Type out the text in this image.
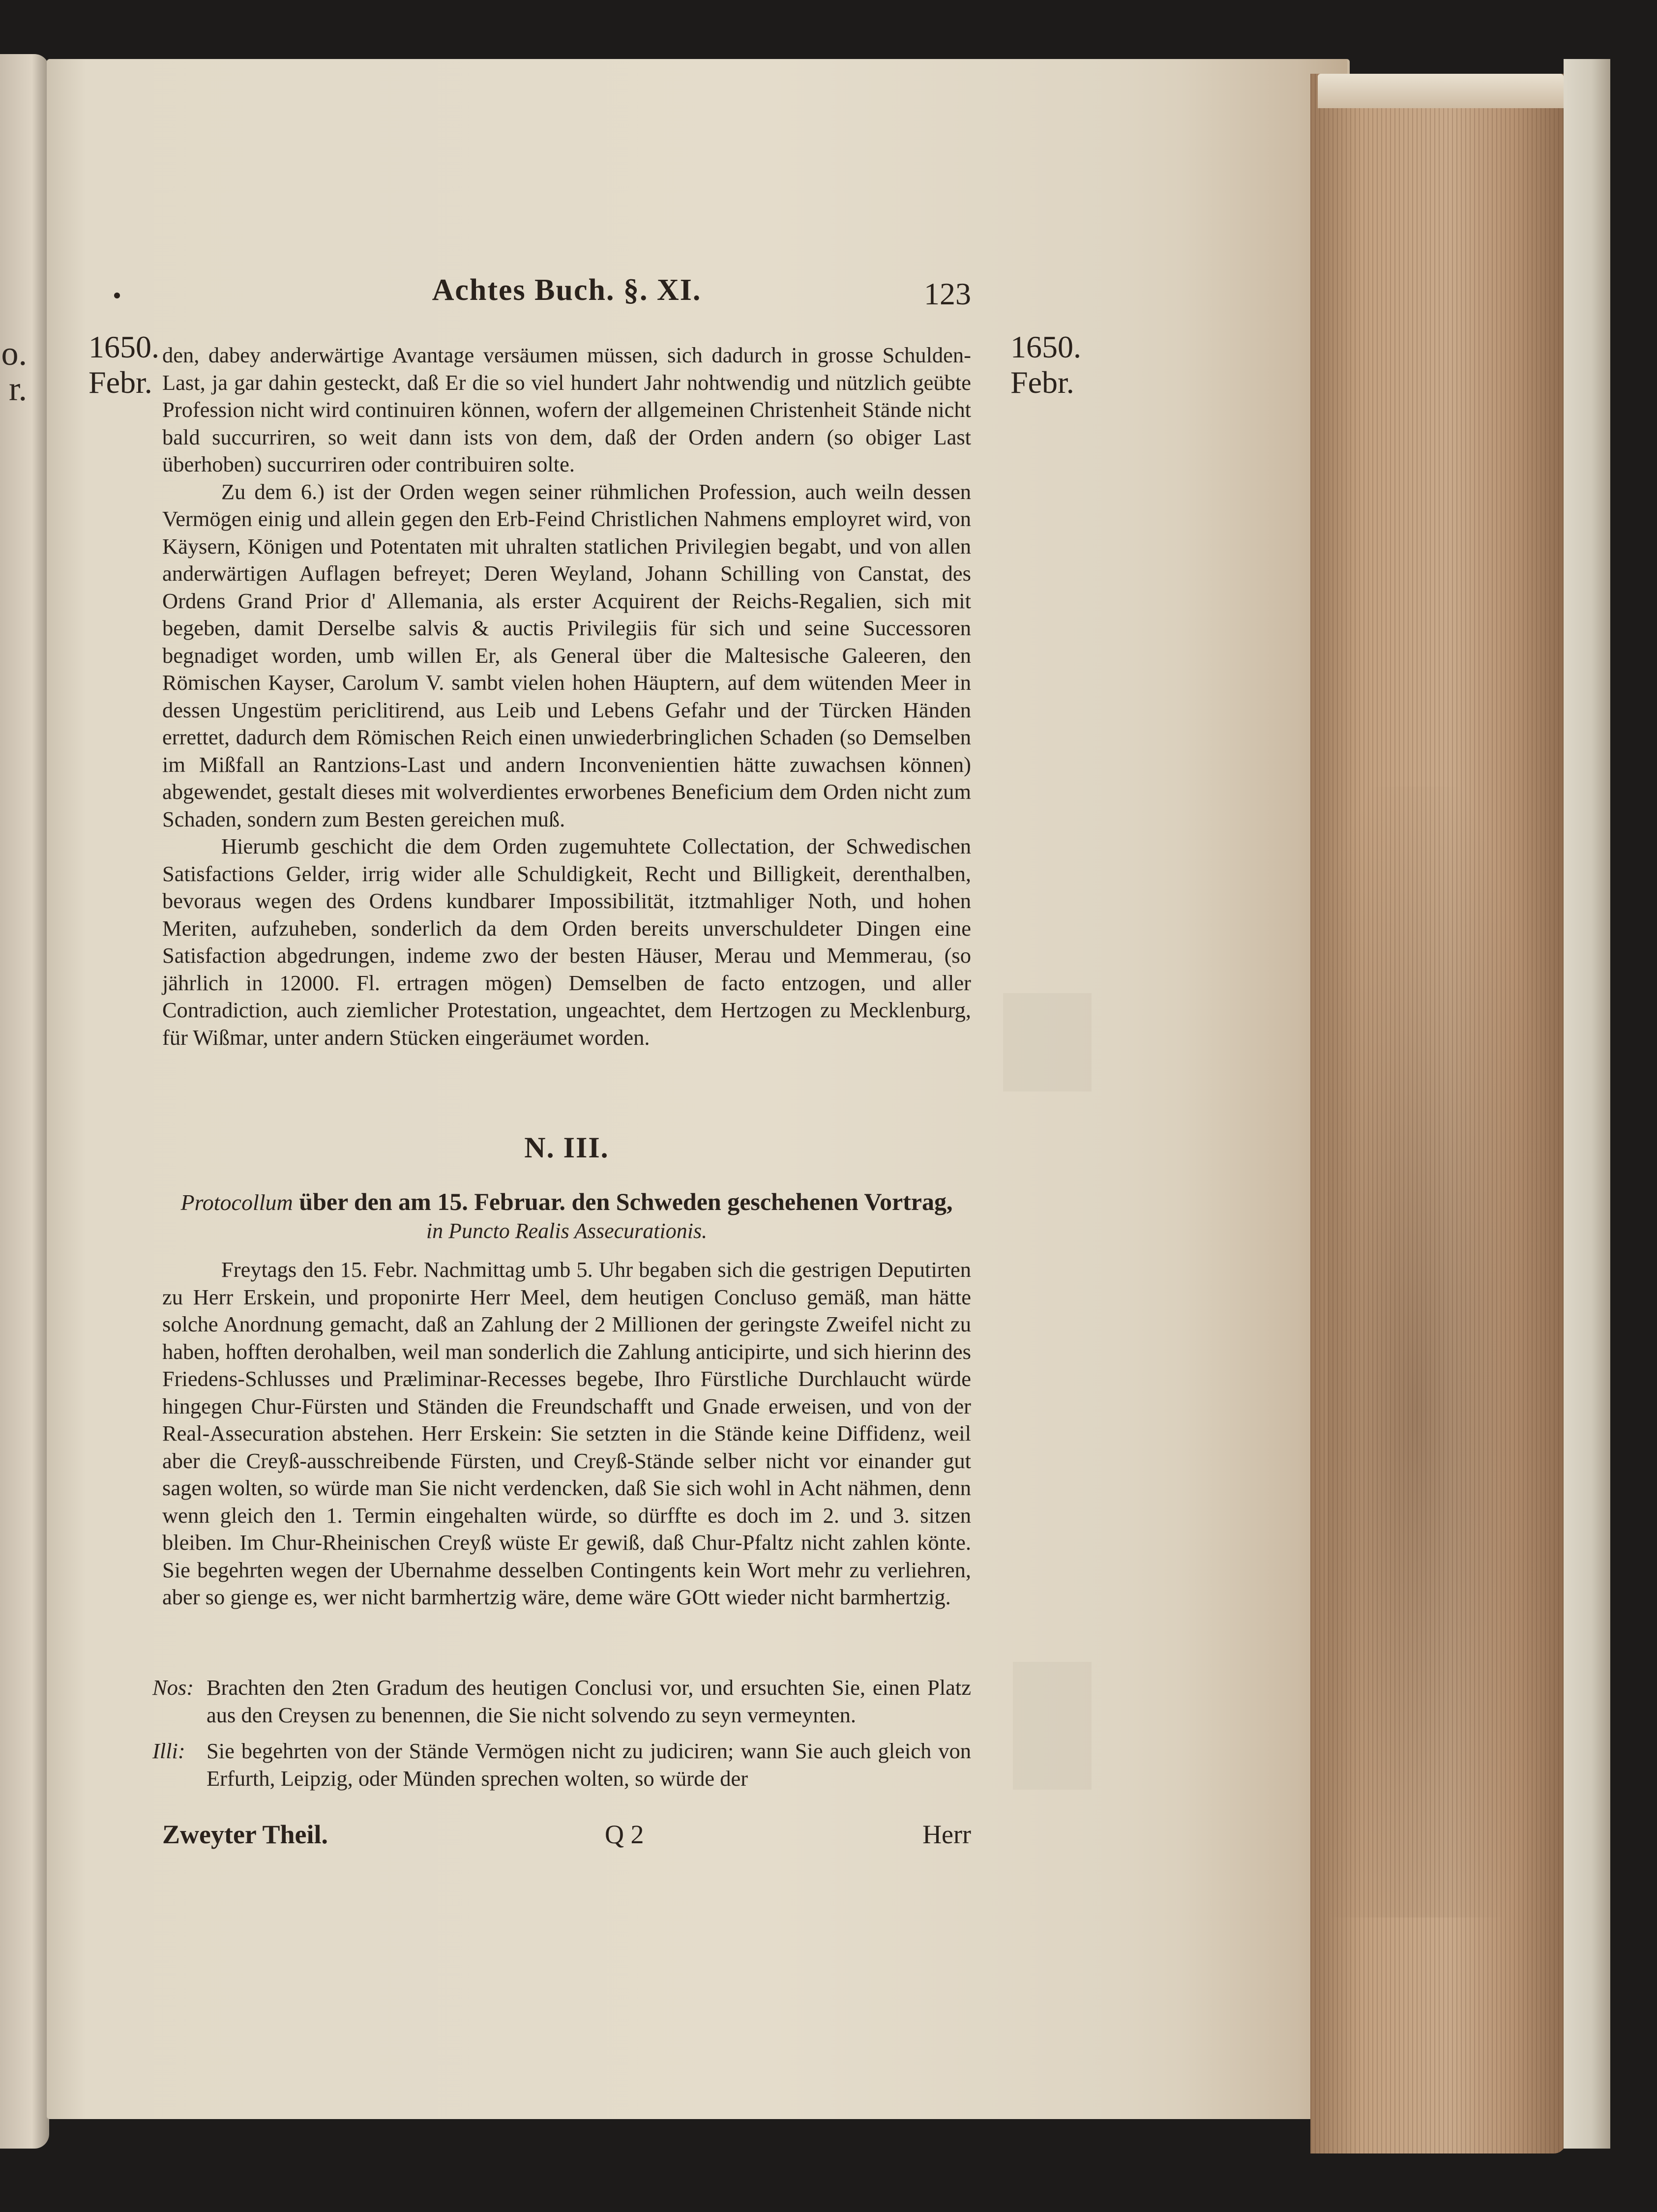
o.
r.
Achtes Buch. §. XI.	123
1650.
Febr.
1650.
Febr.

den, dabey anderwärtige Avantage versäumen müssen, sich dadurch in grosse Schulden-Last, ja gar dahin gesteckt, daß Er die so viel hundert Jahr nohtwendig und nützlich geübte Profession nicht wird continuiren können, wofern der allgemeinen Christenheit Stände nicht bald succurriren, so weit dann ists von dem, daß der Orden andern (so obiger Last überhoben) succurriren oder contribuiren solte.

Zu dem 6.) ist der Orden wegen seiner rühmlichen Profession, auch weiln dessen Vermögen einig und allein gegen den Erb-Feind Christlichen Nahmens employret wird, von Käysern, Königen und Potentaten mit uhralten statlichen Privilegien begabt, und von allen anderwärtigen Auflagen befreyet; Deren Weyland, Johann Schilling von Canstat, des Ordens Grand Prior d' Allemania, als erster Acquirent der Reichs-Regalien, sich mit begeben, damit Derselbe salvis & auctis Privilegiis für sich und seine Successoren begnadiget worden, umb willen Er, als General über die Maltesische Galeeren, den Römischen Kayser, Carolum V. sambt vielen hohen Häuptern, auf dem wütenden Meer in dessen Ungestüm periclitirend, aus Leib und Lebens Gefahr und der Türcken Händen errettet, dadurch dem Römischen Reich einen unwiederbringlichen Schaden (so Demselben im Mißfall an Rantzions-Last und andern Inconvenientien hätte zuwachsen können) abgewendet, gestalt dieses mit wolverdientes erworbenes Beneficium dem Orden nicht zum Schaden, sondern zum Besten gereichen muß.

Hierumb geschicht die dem Orden zugemuhtete Collectation, der Schwedischen Satisfactions Gelder, irrig wider alle Schuldigkeit, Recht und Billigkeit, derenthalben, bevoraus wegen des Ordens kundbarer Impossibilität, itztmahliger Noth, und hohen Meriten, aufzuheben, sonderlich da dem Orden bereits unverschuldeter Dingen eine Satisfaction abgedrungen, indeme zwo der besten Häuser, Merau und Memmerau, (so jährlich in 12000. Fl. ertragen mögen) Demselben de facto entzogen, und aller Contradiction, auch ziemlicher Protestation, ungeachtet, dem Hertzogen zu Mecklenburg, für Wißmar, unter andern Stücken eingeräumet worden.

N. III.
Protocollum über den am 15. Februar. den Schweden geschehenen Vortrag,
in Puncto Realis Assecurationis.
Freytags den 15. Febr. Nachmittag umb 5. Uhr begaben sich die gestrigen Deputirten zu Herr Erskein, und proponirte Herr Meel, dem heutigen Concluso gemäß, man hätte solche Anordnung gemacht, daß an Zahlung der 2 Millionen der geringste Zweifel nicht zu haben, hofften derohalben, weil man sonderlich die Zahlung anticipirte, und sich hierinn des Friedens-Schlusses und Præliminar-Recesses begebe, Ihro Fürstliche Durchlaucht würde hingegen Chur-Fürsten und Ständen die Freundschafft und Gnade erweisen, und von der Real-Assecuration abstehen. Herr Erskein: Sie setzten in die Stände keine Diffidenz, weil aber die Creyß-ausschreibende Fürsten, und Creyß-Stände selber nicht vor einander gut sagen wolten, so würde man Sie nicht verdencken, daß Sie sich wohl in Acht nähmen, denn wenn gleich den 1. Termin eingehalten würde, so dürffte es doch im 2. und 3. sitzen bleiben. Im Chur-Rheinischen Creyß wüste Er gewiß, daß Chur-Pfaltz nicht zahlen könte. Sie begehrten wegen der Ubernahme desselben Contingents kein Wort mehr zu verliehren, aber so gienge es, wer nicht barmhertzig wäre, deme wäre GOtt wieder nicht barmhertzig.
Nos: Brachten den 2ten Gradum des heutigen Conclusi vor, und ersuchten Sie, einen Platz aus den Creysen zu benennen, die Sie nicht solvendo zu seyn vermeynten.
Illi: Sie begehrten von der Stände Vermögen nicht zu judiciren; wann Sie auch gleich von Erfurth, Leipzig, oder Münden sprechen wolten, so würde der
Zweyter Theil.	Q 2	Herr
